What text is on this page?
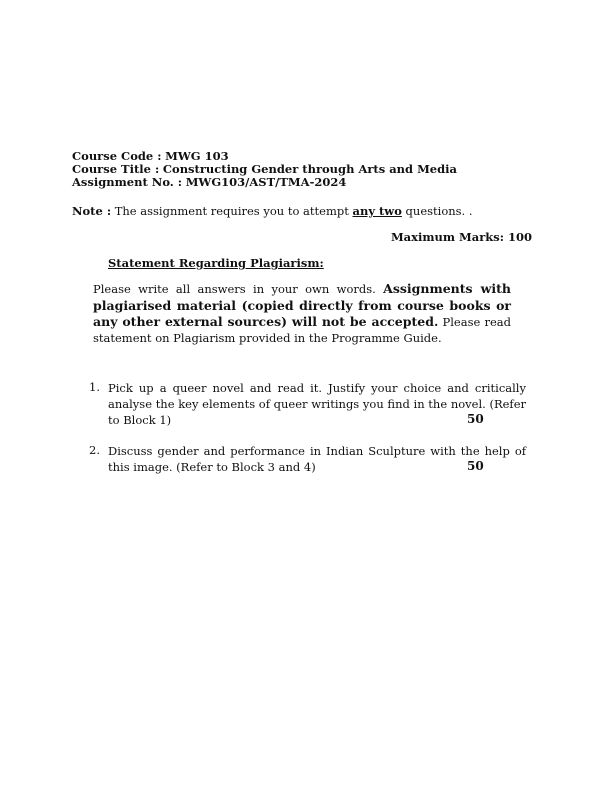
Course Code : MWG 103
Course Title : Constructing Gender through Arts and Media
Assignment No. : MWG103/AST/TMA-2024
Note : The assignment requires you to attempt any two questions. .
Maximum Marks: 100
Statement Regarding Plagiarism:
Please write all answers in your own words. Assignments with plagiarised material (copied directly from course books or any other external sources) will not be accepted. Please read statement on Plagiarism provided in the Programme Guide.
1. Pick up a queer novel and read it. Justify your choice and critically analyse the key elements of queer writings you find in the novel. (Refer to Block 1)	50
2. Discuss gender and performance in Indian Sculpture with the help of this image. (Refer to Block 3 and 4)	50
